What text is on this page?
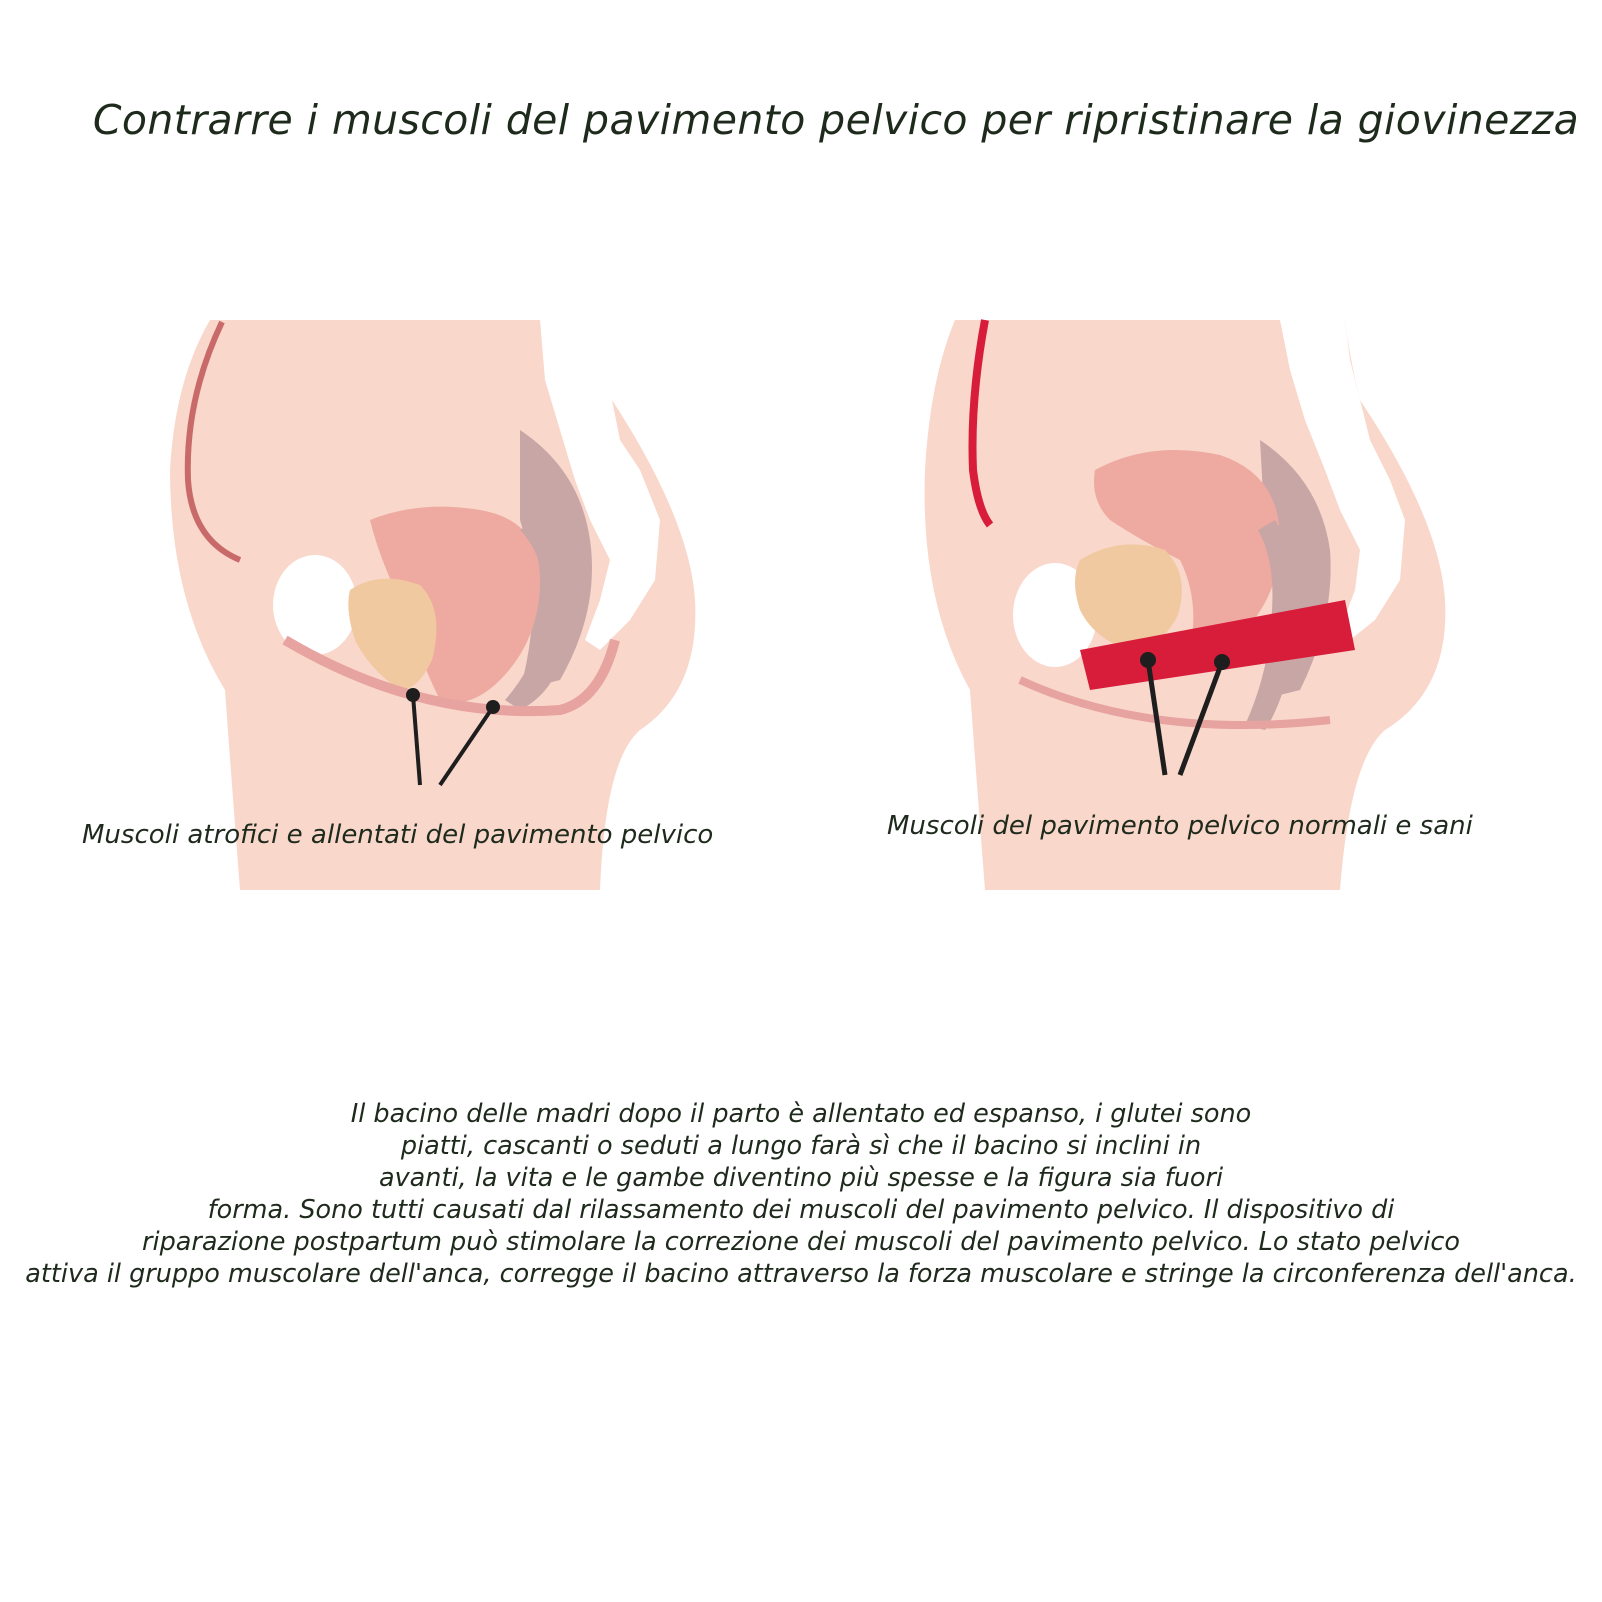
Contrarre i muscoli del pavimento pelvico per ripristinare la giovinezza
Muscoli atrofici e allentati del pavimento pelvico	Muscoli del pavimento pelvico normali e sani
Il bacino delle madri dopo il parto è allentato ed espanso, i glutei sono
piatti, cascanti o seduti a lungo farà sì che il bacino si inclini in
avanti, la vita e le gambe diventino più spesse e la figura sia fuori
forma. Sono tutti causati dal rilassamento dei muscoli del pavimento pelvico. Il dispositivo di
riparazione postpartum può stimolare la correzione dei muscoli del pavimento pelvico. Lo stato pelvico
attiva il gruppo muscolare dell'anca, corregge il bacino attraverso la forza muscolare e stringe la circonferenza dell'anca.
